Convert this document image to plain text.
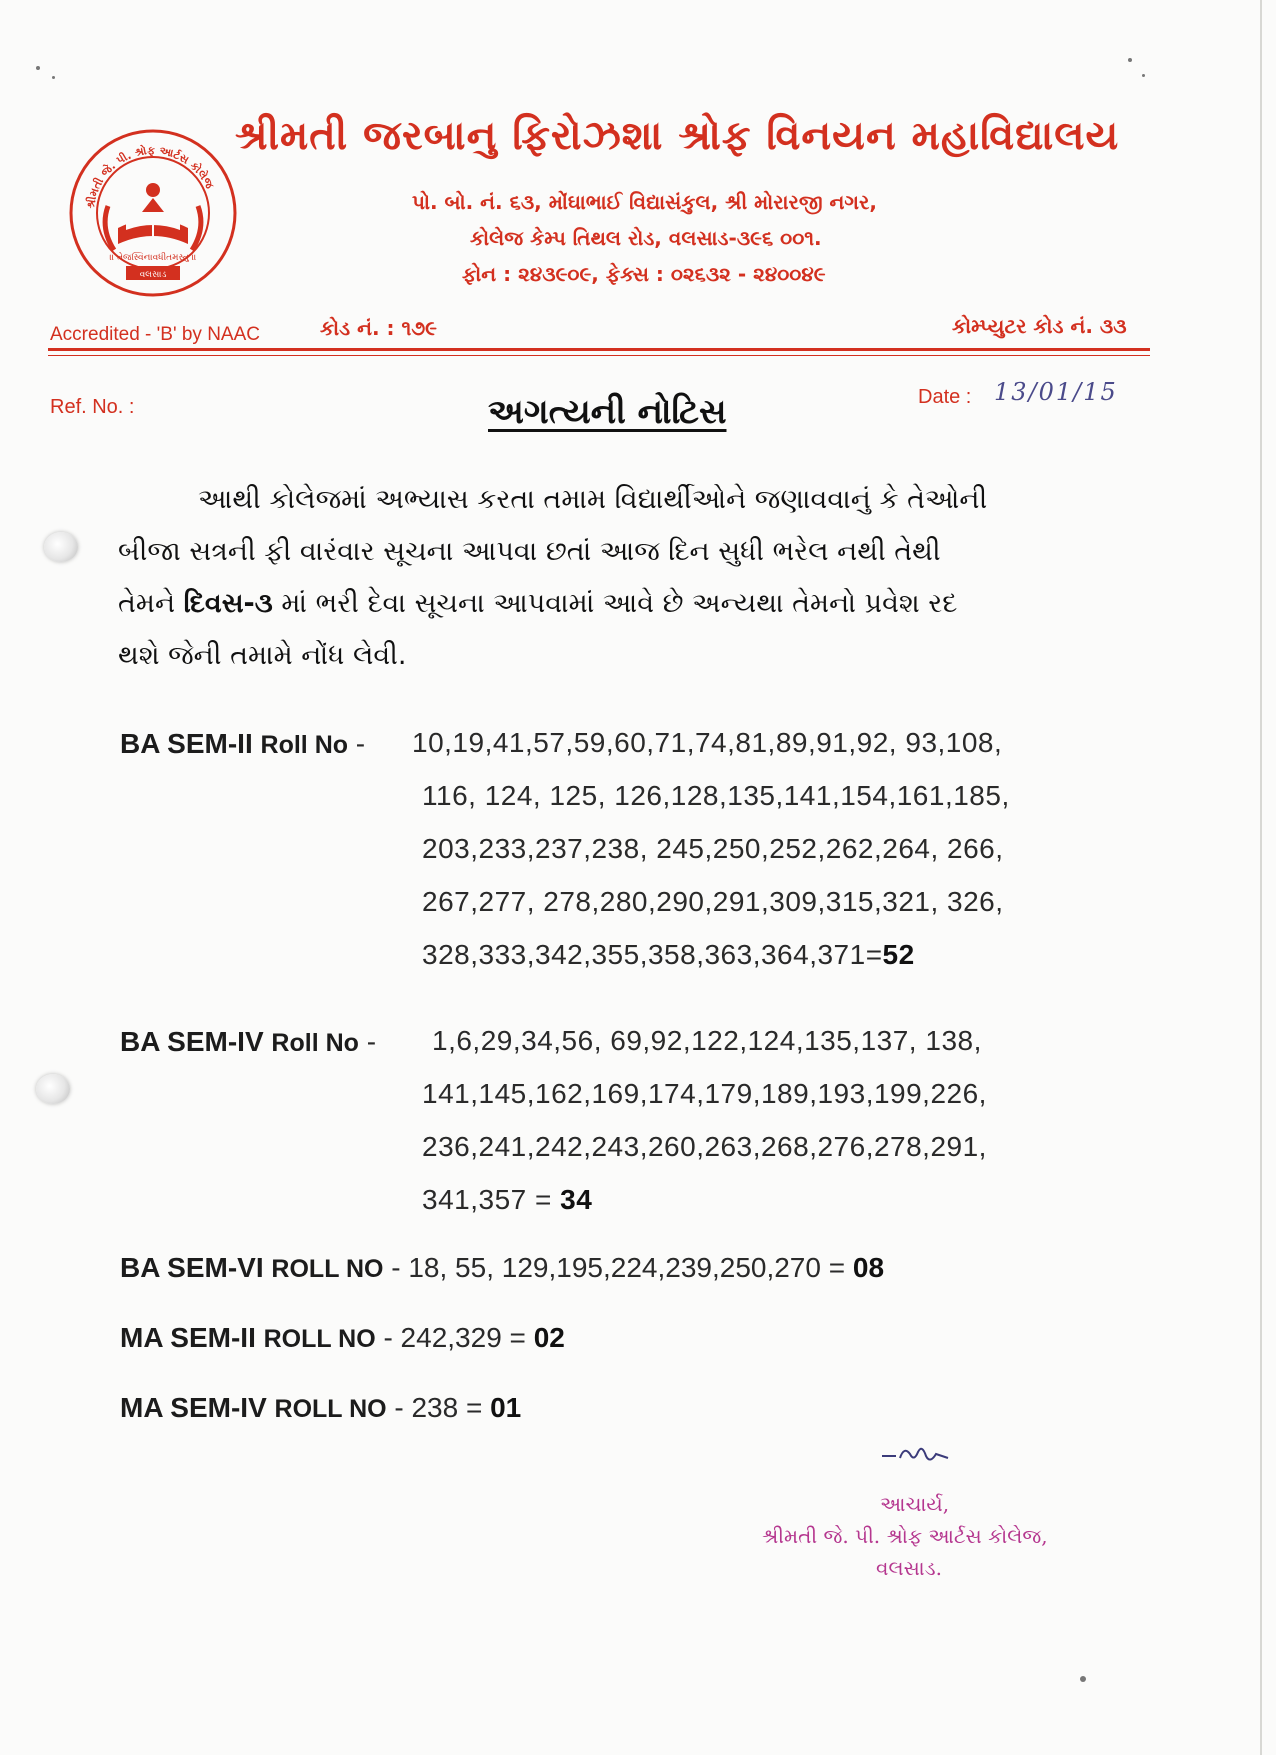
શ્રીમતી જે. પી. શ્રોફ આર્ટસ કોલેજ
॥ તેજસ્વિનાવધીતમસ્તુ ॥
વલસાડ
શ્રીમતી જરબાનુ ફિરોઝશા શ્રોફ વિનયન મહાવિદ્યાલય
પો. બો. નં. ૬૩, મોંઘાભાઈ વિદ્યાસંકુલ, શ્રી મોરારજી નગર,
કોલેજ કેમ્પ તિથલ રોડ, વલસાડ-૩૯૬ ૦૦૧.
ફોન : ૨૪૩૯૦૯, ફેક્સ : ૦૨૬૩૨ - ૨૪૦૦૪૯
Accredited - 'B' by NAAC	કોડ નં. : ૧૭૯	કોમ્પ્યુટર કોડ નં. ૩૩
Ref. No. :	Date : 13/01/15
અગત્યની નોટિસ
આથી કોલેજમાં અભ્યાસ કરતા તમામ વિદ્યાર્થીઓને જણાવવાનું કે તેઓની
બીજા સત્રની ફી વારંવાર સૂચના આપવા છતાં આજ દિન સુધી ભરેલ નથી તેથી
તેમને દિવસ-૩ માં ભરી દેવા સૂચના આપવામાં આવે છે અન્યથા તેમનો પ્રવેશ રદ
થશે જેની તમામે નોંધ લેવી.
BA SEM-II Roll No - 10,19,41,57,59,60,71,74,81,89,91,92, 93,108,
116, 124, 125, 126,128,135,141,154,161,185,
203,233,237,238, 245,250,252,262,264, 266,
267,277, 278,280,290,291,309,315,321, 326,
328,333,342,355,358,363,364,371=52
BA SEM-IV Roll No - 1,6,29,34,56, 69,92,122,124,135,137, 138,
141,145,162,169,174,179,189,193,199,226,
236,241,242,243,260,263,268,276,278,291,
341,357 = 34
BA SEM-VI ROLL NO - 18, 55, 129,195,224,239,250,270 = 08
MA SEM-II ROLL NO - 242,329 = 02
MA SEM-IV ROLL NO - 238 = 01
આચાર્ય,
શ્રીમતી જે. પી. શ્રોફ આર્ટસ કોલેજ,
વલસાડ.
